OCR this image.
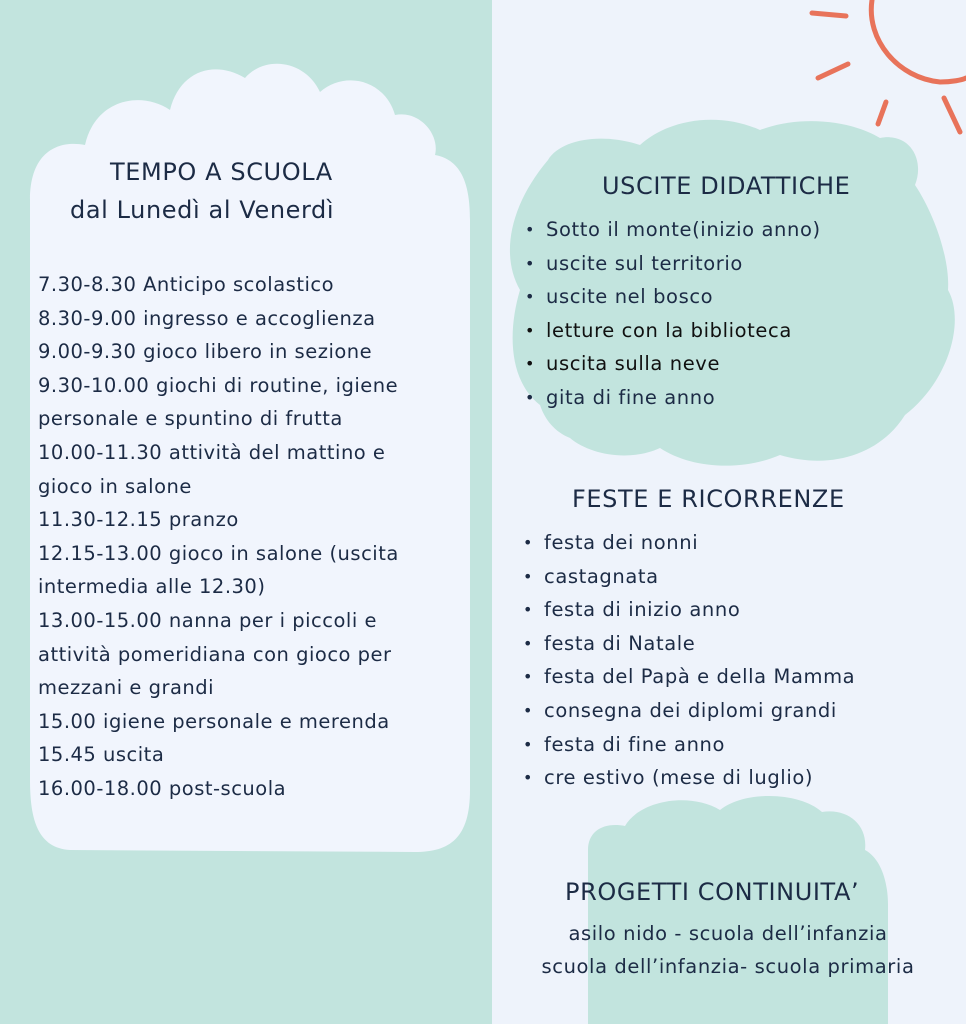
TEMPO A SCUOLA
dal Lunedì al Venerdì
7.30-8.30 Anticipo scolastico
8.30-9.00 ingresso e accoglienza
9.00-9.30 gioco libero in sezione
9.30-10.00 giochi di routine, igiene
personale e spuntino di frutta
10.00-11.30 attività del mattino e
gioco in salone
11.30-12.15 pranzo
12.15-13.00 gioco in salone (uscita
intermedia alle 12.30)
13.00-15.00 nanna per i piccoli e
attività pomeridiana con gioco per
mezzani e grandi
15.00 igiene personale e merenda
15.45 uscita
16.00-18.00 post-scuola
USCITE DIDATTICHE
• Sotto il monte(inizio anno)
• uscite sul territorio
• uscite nel bosco
• letture con la biblioteca
• uscita sulla neve
• gita di fine anno
FESTE E RICORRENZE
• festa dei nonni
• castagnata
• festa di inizio anno
• festa di Natale
• festa del Papà e della Mamma
• consegna dei diplomi grandi
• festa di fine anno
• cre estivo (mese di luglio)
PROGETTI CONTINUITA’
asilo nido - scuola dell’infanzia
scuola dell’infanzia- scuola primaria
